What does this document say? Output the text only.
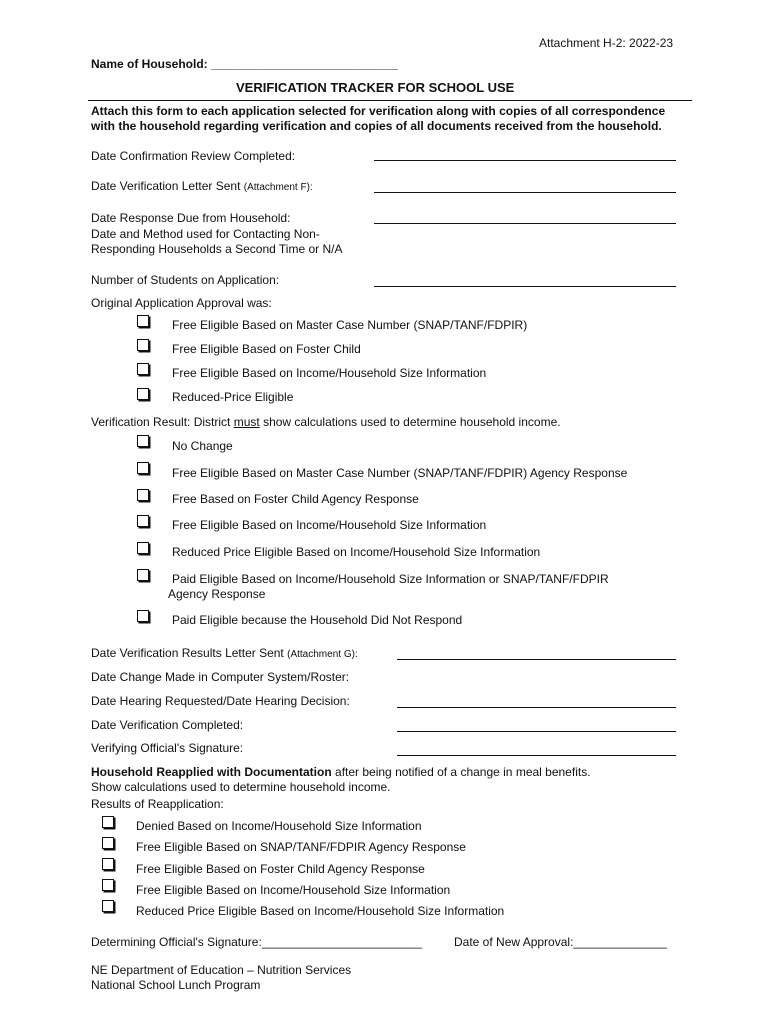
Attachment H-2: 2022-23
Name of Household: ____________________________
VERIFICATION TRACKER FOR SCHOOL USE
Attach this form to each application selected for verification along with copies of all correspondence
with the household regarding verification and copies of all documents received from the household.
Date Confirmation Review Completed:
Date Verification Letter Sent (Attachment F):
Date Response Due from Household:
Date and Method used for Contacting Non-
Responding Households a Second Time or N/A
Number of Students on Application:
Original Application Approval was:
Free Eligible Based on Master Case Number (SNAP/TANF/FDPIR)
Free Eligible Based on Foster Child
Free Eligible Based on Income/Household Size Information
Reduced-Price Eligible
Verification Result: District must show calculations used to determine household income.
No Change
Free Eligible Based on Master Case Number (SNAP/TANF/FDPIR) Agency Response
Free Based on Foster Child Agency Response
Free Eligible Based on Income/Household Size Information
Reduced Price Eligible Based on Income/Household Size Information
Paid Eligible Based on Income/Household Size Information or SNAP/TANF/FDPIR
Agency Response
Paid Eligible because the Household Did Not Respond
Date Verification Results Letter Sent (Attachment G):
Date Change Made in Computer System/Roster:
Date Hearing Requested/Date Hearing Decision:
Date Verification Completed:
Verifying Official's Signature:
Household Reapplied with Documentation after being notified of a change in meal benefits.
Show calculations used to determine household income.
Results of Reapplication:
Denied Based on Income/Household Size Information
Free Eligible Based on SNAP/TANF/FDPIR Agency Response
Free Eligible Based on Foster Child Agency Response
Free Eligible Based on Income/Household Size Information
Reduced Price Eligible Based on Income/Household Size Information
Determining Official's Signature:________________________	Date of New Approval:______________
NE Department of Education – Nutrition Services
National School Lunch Program
